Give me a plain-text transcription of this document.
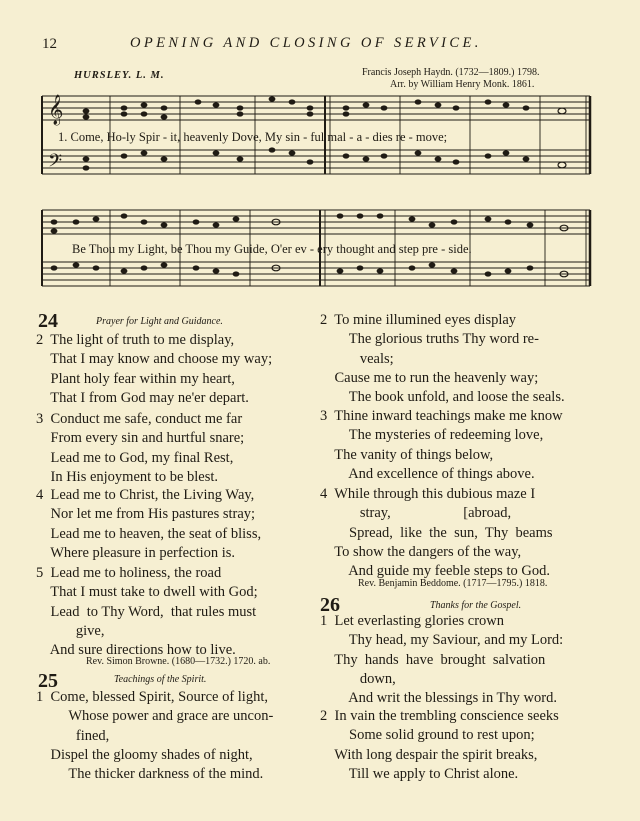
12	OPENING AND CLOSING OF SERVICE.
HURSLEY. L. M.	Francis Joseph Haydn. (1732—1809.) 1798.
Arr. by William Henry Monk. 1861.
𝄞
𝄢
1. Come, Ho-ly Spir - it, heavenly Dove, My sin - ful mal - a - dies re - move;
Be Thou my Light, be Thou my Guide, O'er ev - ery thought and step pre - side.
24	Prayer for Light and Guidance.
2  The light of truth to me display,
That I may know and choose my way;
Plant holy fear within my heart,
That I from God may ne'er depart.
3  Conduct me safe, conduct me far
From every sin and hurtful snare;
Lead me to God, my final Rest,
In His enjoyment to be blest.
4  Lead me to Christ, the Living Way,
Nor let me from His pastures stray;
Lead me to heaven, the seat of bliss,
Where pleasure in perfection is.
5  Lead me to holiness, the road
That I must take to dwell with God;
Lead  to Thy Word,  that rules must
give,
And sure directions how to live.
Rev. Simon Browne. (1680—1732.) 1720. ab.
25	Teachings of the Spirit.
1  Come, blessed Spirit, Source of light,
Whose power and grace are uncon-
fined,
Dispel the gloomy shades of night,
The thicker darkness of the mind.
2  To mine illumined eyes display
The glorious truths Thy word re-
veals;
Cause me to run the heavenly way;
The book unfold, and loose the seals.
3  Thine inward teachings make me know
The mysteries of redeeming love,
The vanity of things below,
And excellence of things above.
4  While through this dubious maze I
stray,                    [abroad,
Spread,  like  the  sun,  Thy  beams
To show the dangers of the way,
And guide my feeble steps to God.
Rev. Benjamin Beddome. (1717—1795.) 1818.
26	Thanks for the Gospel.
1  Let everlasting glories crown
Thy head, my Saviour, and my Lord:
Thy  hands  have  brought  salvation
down,
And writ the blessings in Thy word.
2  In vain the trembling conscience seeks
Some solid ground to rest upon;
With long despair the spirit breaks,
Till we apply to Christ alone.
